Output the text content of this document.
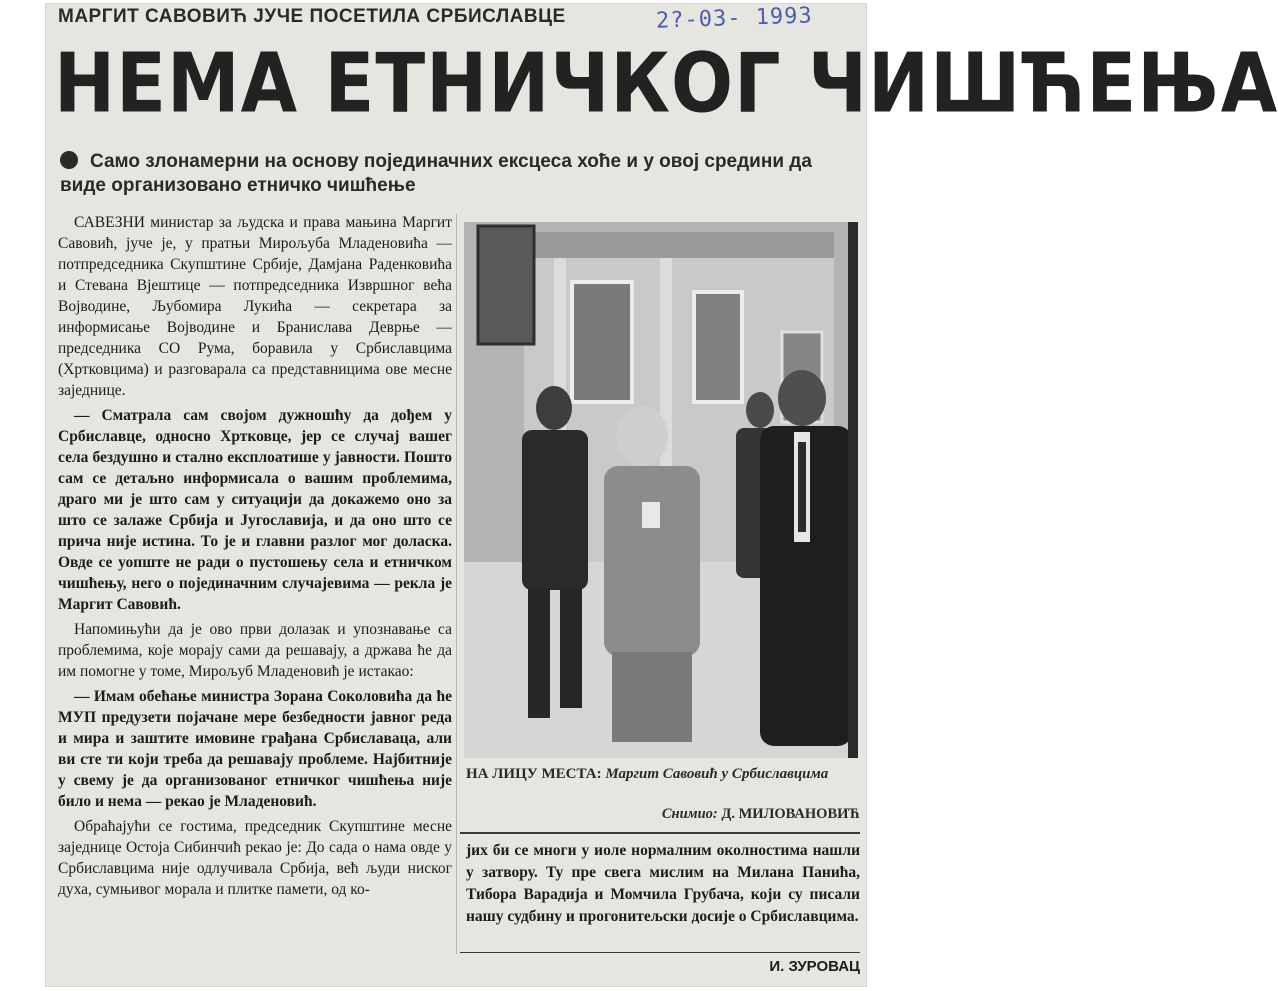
МАРГИТ САВОВИЋ ЈУЧЕ ПОСЕТИЛА СРБИСЛАВЦЕ	2?-03- 1993
НЕМА ЕТНИЧКОГ ЧИШЋЕЊА
Само злонамерни на основу појединачних ексцеса хоће и у овој средини да виде организовано етничко чишћење

САВЕЗНИ министар за људска и права мањина Маргит Савовић, јуче је, у пратњи Мирољуба Младеновића — потпредседника Скупштине Србије, Дамјана Раденковића и Стевана Вјештице — потпредседника Извршног већа Војводине, Љубомира Лукића — секретара за информисање Војводине и Бранислава Деврње — председника СО Рума, боравила у Србиславцима (Хртковцима) и разговарала са представницима ове месне заједнице.

— Сматрала сам својом дужношћу да дођем у Србиславце, односно Хртковце, јер се случај вашег села бездушно и стално експлоатише у јавности. Пошто сам се детаљно информисала о вашим проблемима, драго ми је што сам у ситуацији да докажемо оно за што се залаже Србија и Југославија, и да оно што се прича није истина. То је и главни разлог мог доласка. Овде се уопште не ради о пустошењу села и етничком чишћењу, него о појединачним случајевима — рекла је Маргит Савовић.

Напомињући да је ово први долазак и упознавање са проблемима, које морају сами да решавају, а држава ће да им помогне у томе, Мирољуб Младеновић је истакао:

— Имам обећање министра Зорана Соколовића да ће МУП предузети појачане мере безбедности јавног реда и мира и заштите имовине грађана Србиславаца, али ви сте ти који треба да решавају проблеме. Најбитније у свему је да организованог етничког чишћења није било и нема — рекао је Младеновић.

Обраћајући се гостима, председник Скупштине месне заједнице Остоја Сибинчић рекао је: До сада о нама овде у Србиславцима није одлучивала Србија, већ људи ниског духа, сумњивог морала и плитке памети, од ко-

НА ЛИЦУ МЕСТА: Маргит Савовић у Србиславцима
Снимио: Д. МИЛОВАНОВИЋ

јих би се многи у иоле нормалним околностима нашли у затвору. Ту пре свега мислим на Милана Панића, Тибора Варадија и Момчила Грубача, који су писали нашу судбину и прогонитељски досије о Србиславцима.

И. ЗУРОВАЦ
